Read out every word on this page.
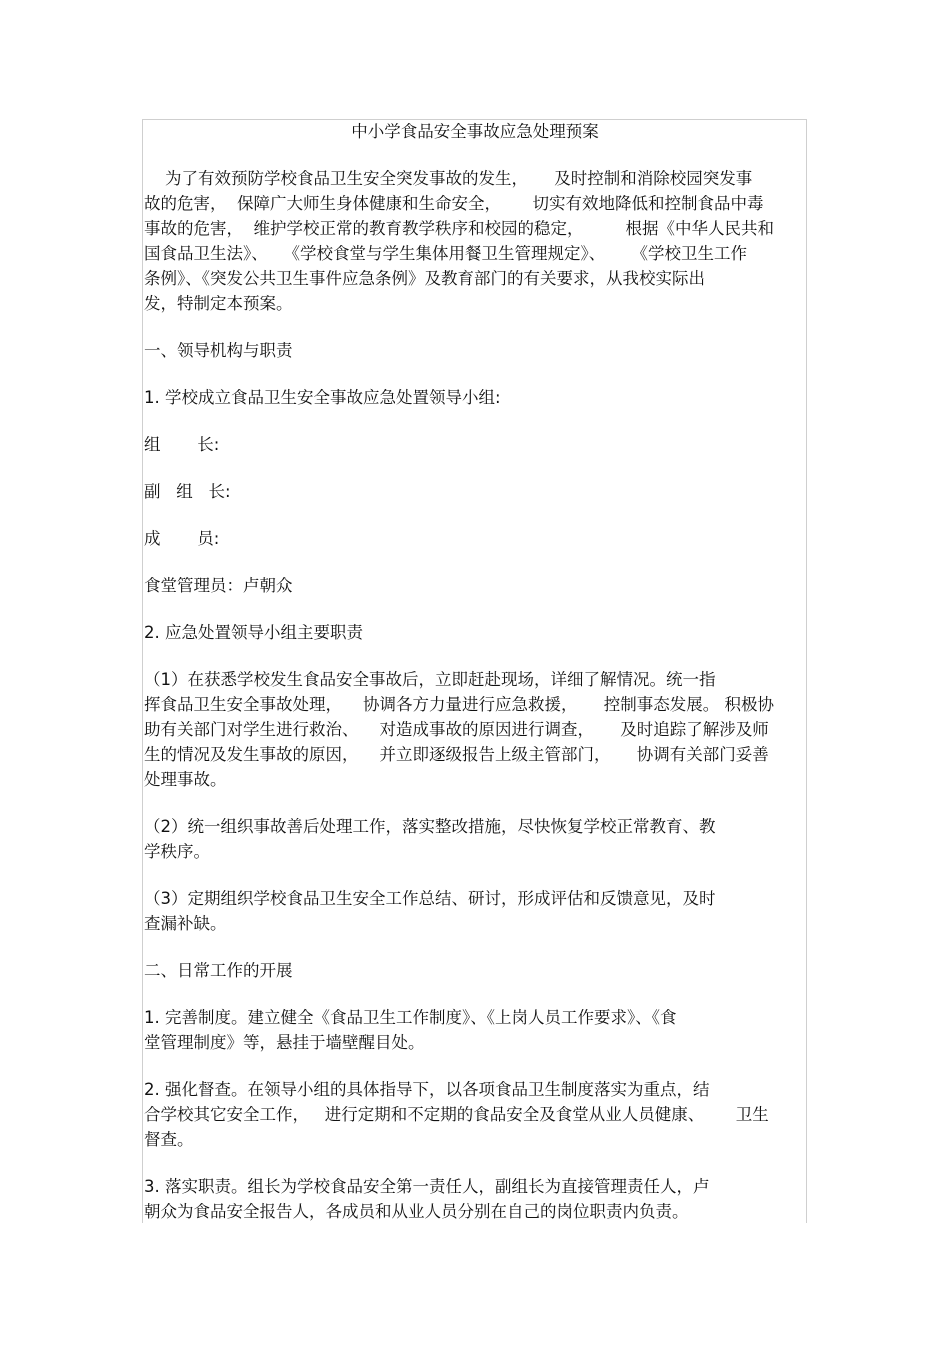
中小学食品安全事故应急处理预案
为了有效预防学校食品卫生安全突发事故的发生，     及时控制和消除校园突发事
故的危害，  保障广大师生身体健康和生命安全，      切实有效地降低和控制食品中毒
事故的危害，  维护学校正常的教育教学秩序和校园的稳定，        根据《中华人民共和
国食品卫生法》、   《学校食堂与学生集体用餐卫生管理规定》、     《学校卫生工作
条例》、《突发公共卫生事件应急条例》及教育部门的有关要求，从我校实际出
发，特制定本预案。
一、领导机构与职责
1. 学校成立食品卫生安全事故应急处置领导小组:
组       长:
副   组   长:
成       员:
食堂管理员：卢朝众
2. 应急处置领导小组主要职责
（1）在获悉学校发生食品安全事故后，立即赶赴现场，详细了解情况。统一指
挥食品卫生安全事故处理，    协调各方力量进行应急救援，     控制事态发展。 积极协
助有关部门对学生进行救治、    对造成事故的原因进行调查，     及时追踪了解涉及师
生的情况及发生事故的原因，    并立即逐级报告上级主管部门，     协调有关部门妥善
处理事故。
（2）统一组织事故善后处理工作，落实整改措施，尽快恢复学校正常教育、教
学秩序。
（3）定期组织学校食品卫生安全工作总结、研讨，形成评估和反馈意见，及时
查漏补缺。
二、日常工作的开展
1. 完善制度。建立健全《食品卫生工作制度》、《上岗人员工作要求》、《食
堂管理制度》等，悬挂于墙壁醒目处。
2. 强化督查。在领导小组的具体指导下，以各项食品卫生制度落实为重点，结
合学校其它安全工作，   进行定期和不定期的食品安全及食堂从业人员健康、      卫生
督查。
3. 落实职责。组长为学校食品安全第一责任人，副组长为直接管理责任人，卢
朝众为食品安全报告人，各成员和从业人员分别在自己的岗位职责内负责。
